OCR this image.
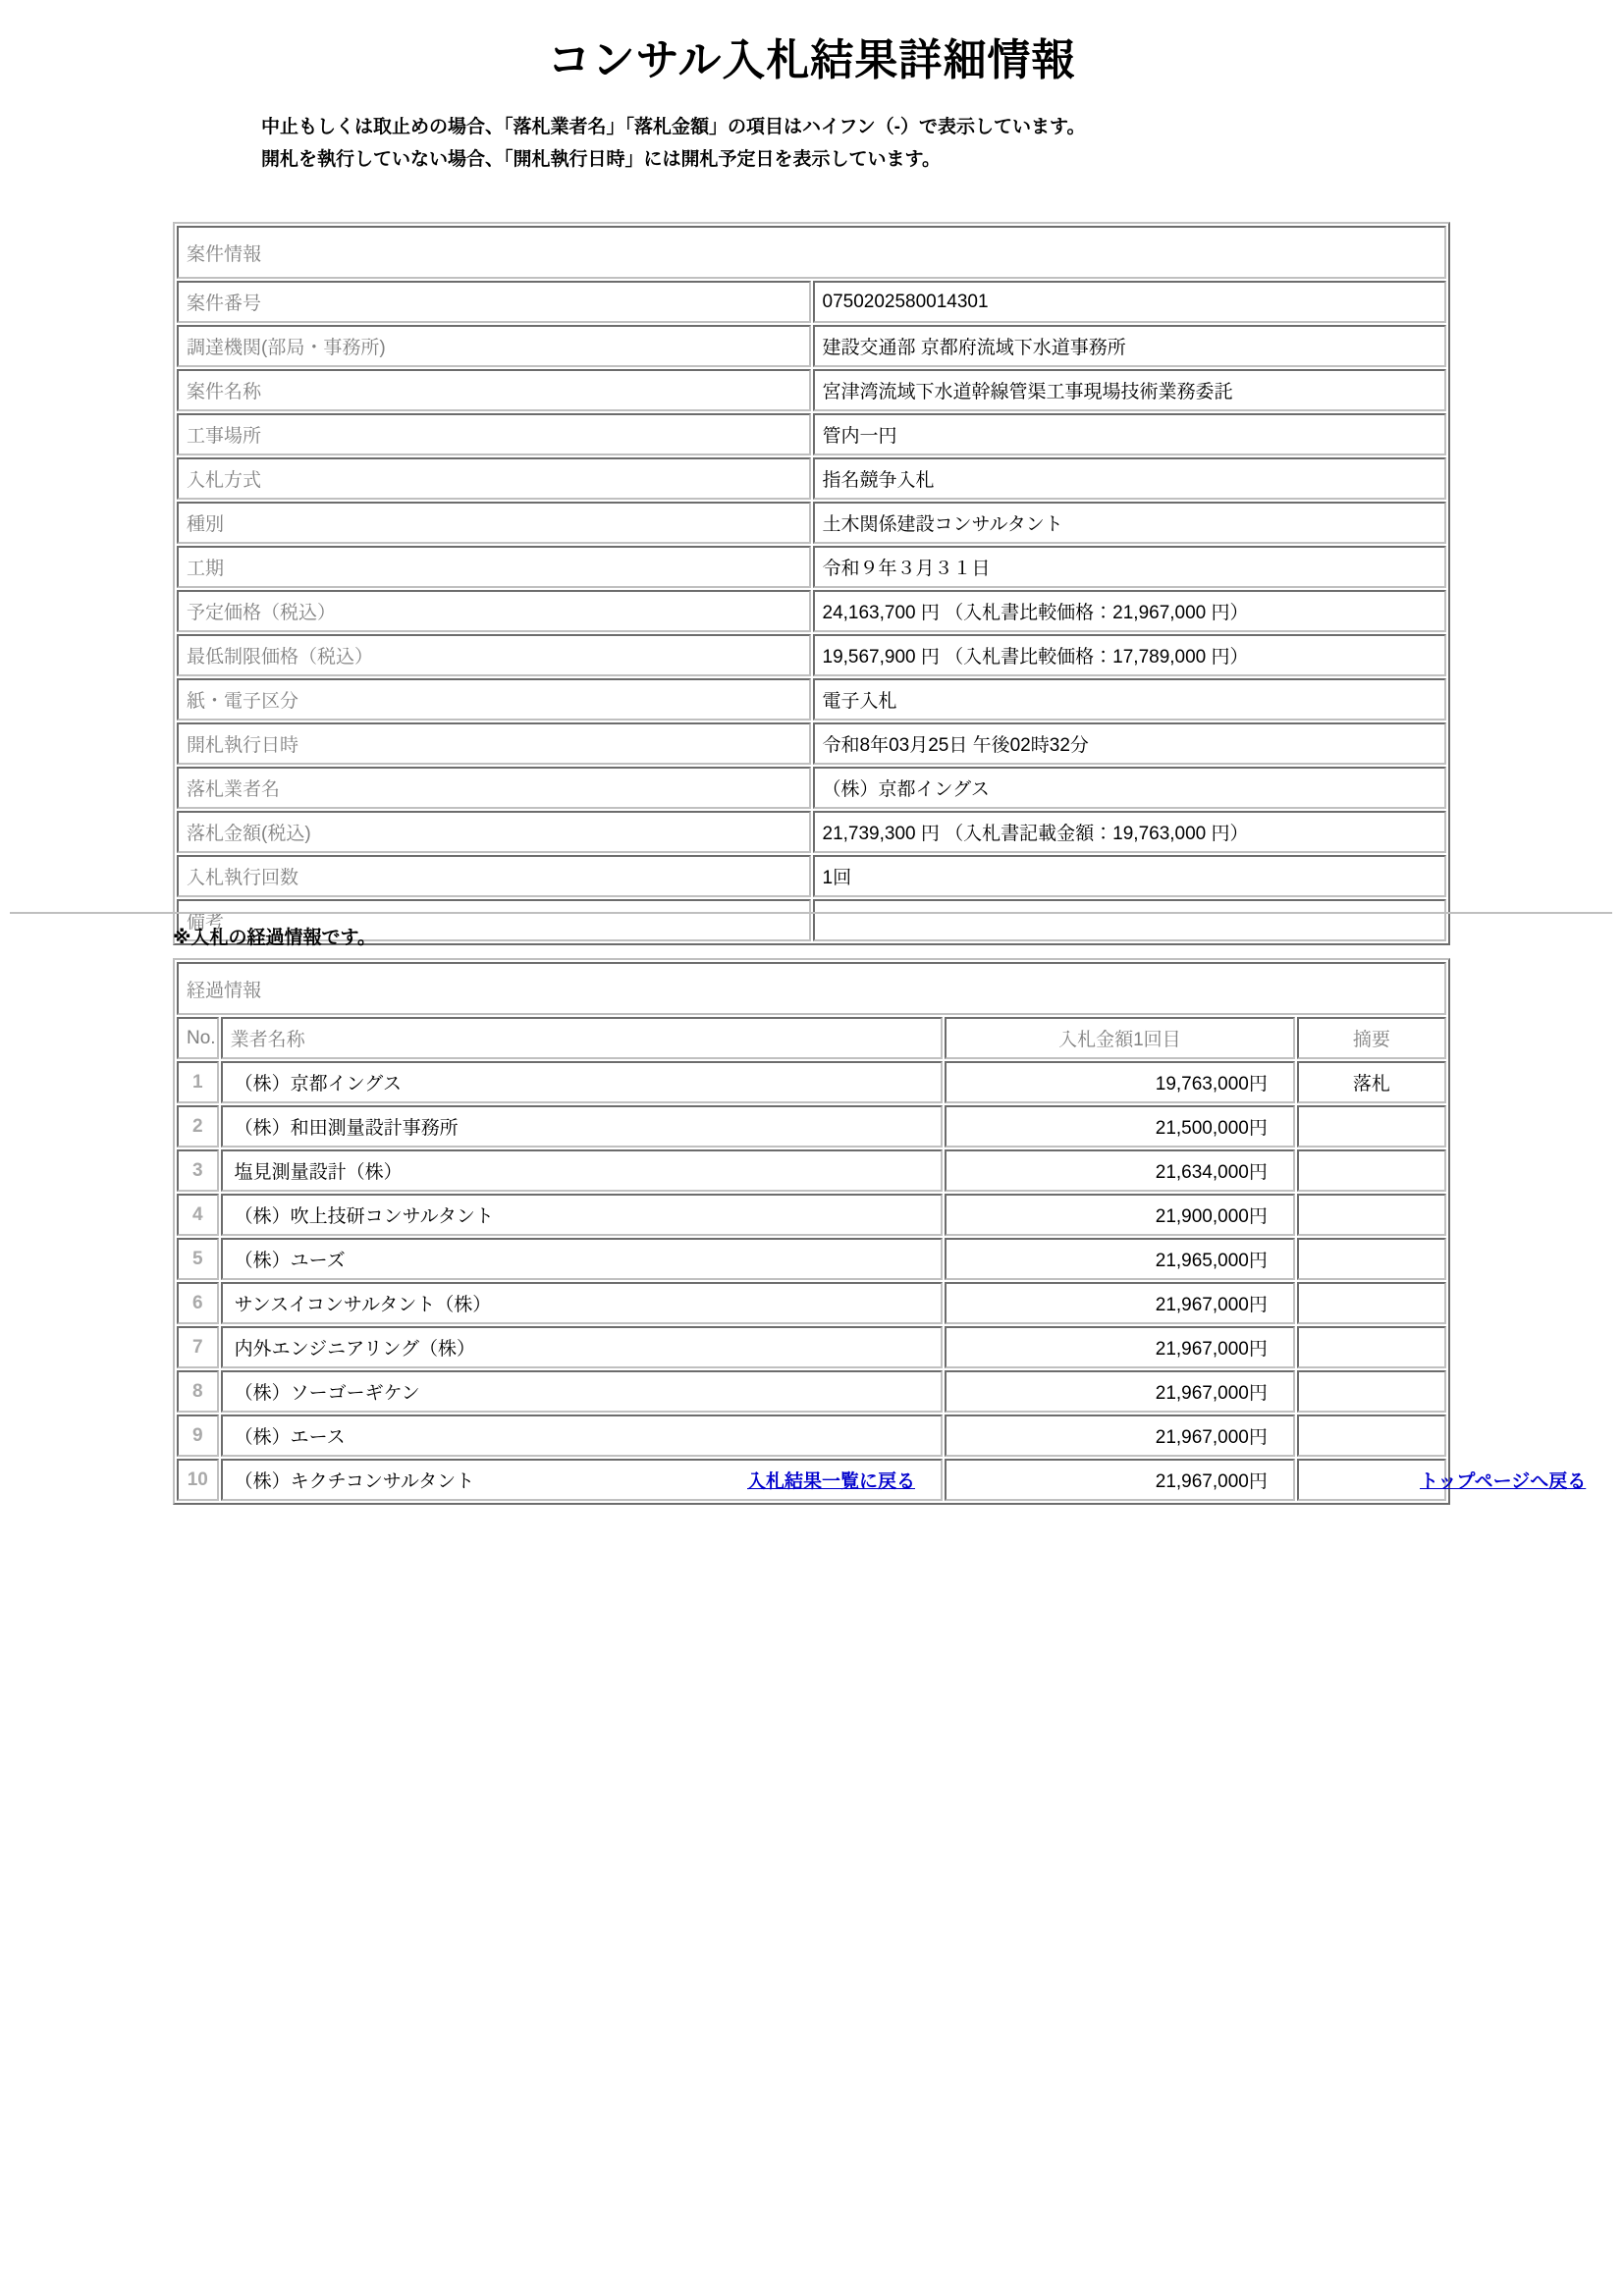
コンサル入札結果詳細情報
中止もしくは取止めの場合、「落札業者名」「落札金額」の項目はハイフン（-）で表示しています。
開札を執行していない場合、「開札執行日時」には開札予定日を表示しています。
案件情報	
案件番号	0750202580014301
調達機関(部局・事務所)	建設交通部 京都府流域下水道事務所
案件名称	宮津湾流域下水道幹線管渠工事現場技術業務委託
工事場所	管内一円
入札方式	指名競争入札
種別	土木関係建設コンサルタント
工期	令和９年３月３１日
予定価格（税込）	24,163,700 円 （入札書比較価格：21,967,000 円）
最低制限価格（税込）	19,567,900 円 （入札書比較価格：17,789,000 円）
紙・電子区分	電子入札
開札執行日時	令和8年03月25日 午後02時32分
落札業者名	（株）京都イングス
落札金額(税込)	21,739,300 円 （入札書記載金額：19,763,000 円）
入札執行回数	1回
備考	
※入札の経過情報です。
経過情報			
No.	業者名称	入札金額1回目	摘要
1	（株）京都イングス	19,763,000円	落札
2	（株）和田測量設計事務所	21,500,000円	
3	塩見測量設計（株）	21,634,000円	
4	（株）吹上技研コンサルタント	21,900,000円	
5	（株）ユーズ	21,965,000円	
6	サンスイコンサルタント（株）	21,967,000円	
7	内外エンジニアリング（株）	21,967,000円	
8	（株）ソーゴーギケン	21,967,000円	
9	（株）エース	21,967,000円	
10	（株）キクチコンサルタント	21,967,000円	
入札結果一覧に戻る	トップページへ戻る
